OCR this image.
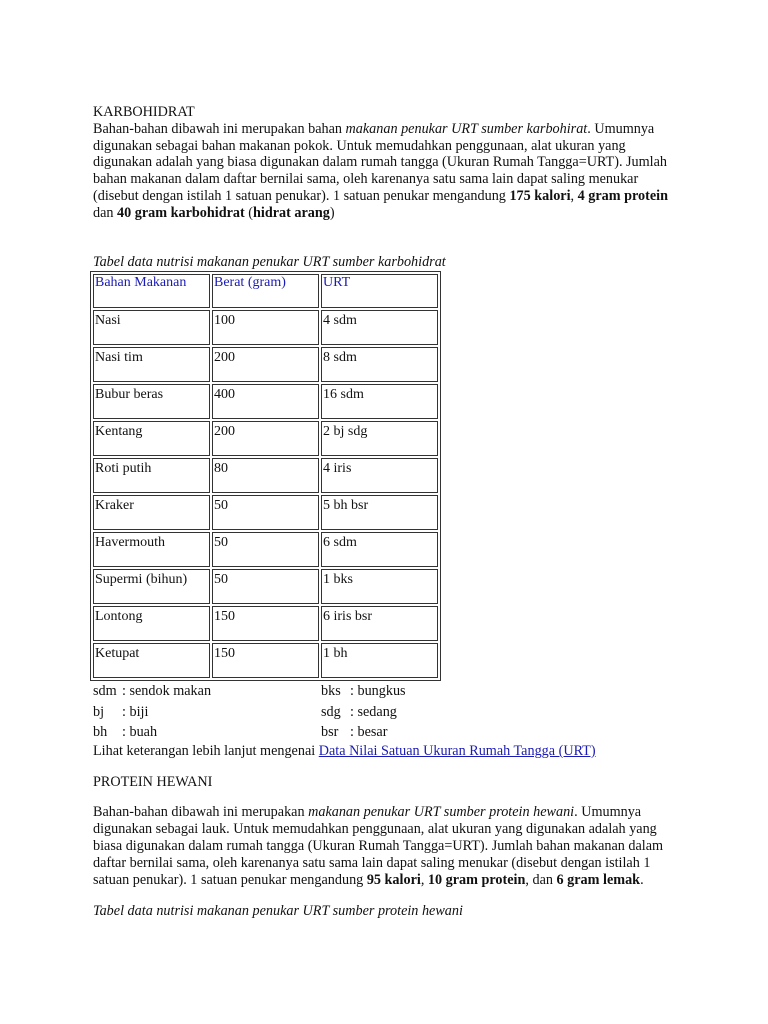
KARBOHIDRAT

Bahan-bahan dibawah ini merupakan bahan makanan penukar URT sumber karbohirat. Umumnya digunakan sebagai bahan makanan pokok. Untuk memudahkan penggunaan, alat ukuran yang digunakan adalah yang biasa digunakan dalam rumah tangga (Ukuran Rumah Tangga=URT). Jumlah bahan makanan dalam daftar bernilai sama, oleh karenanya satu sama lain dapat saling menukar (disebut dengan istilah 1 satuan penukar). 1 satuan penukar mengandung 175 kalori, 4 gram protein dan 40 gram karbohidrat (hidrat arang)

Tabel data nutrisi makanan penukar URT sumber karbohidrat

Bahan Makanan	Berat (gram)	URT
Nasi	100	4 sdm
Nasi tim	200	8 sdm
Bubur beras	400	16 sdm
Kentang	200	2 bj sdg
Roti putih	80	4 iris
Kraker	50	5 bh bsr
Havermouth	50	6 sdm
Supermi (bihun)	50	1 bks
Lontong	150	6 iris bsr
Ketupat	150	1 bh
sdm : sendok makan	bks : bungkus
bj	: biji	sdg : sedang
bh	: buah	bsr : besar

Lihat keterangan lebih lanjut mengenai Data Nilai Satuan Ukuran Rumah Tangga (URT)

PROTEIN HEWANI

Bahan-bahan dibawah ini merupakan makanan penukar URT sumber protein hewani. Umumnya digunakan sebagai lauk. Untuk memudahkan penggunaan, alat ukuran yang digunakan adalah yang biasa digunakan dalam rumah tangga (Ukuran Rumah Tangga=URT). Jumlah bahan makanan dalam daftar bernilai sama, oleh karenanya satu sama lain dapat saling menukar (disebut dengan istilah 1 satuan penukar). 1 satuan penukar mengandung 95 kalori, 10 gram protein, dan 6 gram lemak.

Tabel data nutrisi makanan penukar URT sumber protein hewani
